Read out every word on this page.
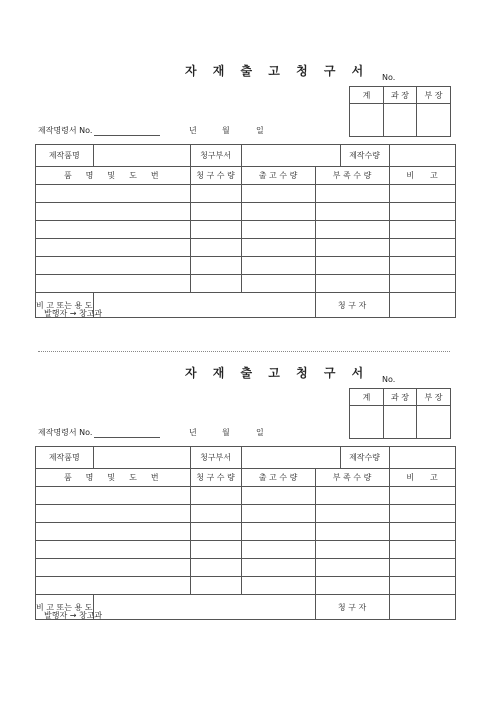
자 재 출 고 청 구 서 No.
계	과 장	부 장

제작명령서 No.	년	월	일
제작품명		청구부서			제작수량	
품　명　및　도　번		청 구 수 량	출 고 수 량	부 족 수 량		비　　고

비 고 또는 용 도				청 구 자		
발행자 → 창고과
자 재 출 고 청 구 서 No.
계	과 장	부 장

제작명령서 No.	년	월	일
제작품명		청구부서			제작수량	
품　명　및　도　번		청 구 수 량	출 고 수 량	부 족 수 량		비　　고

비 고 또는 용 도				청 구 자		
발행자 → 창고과
